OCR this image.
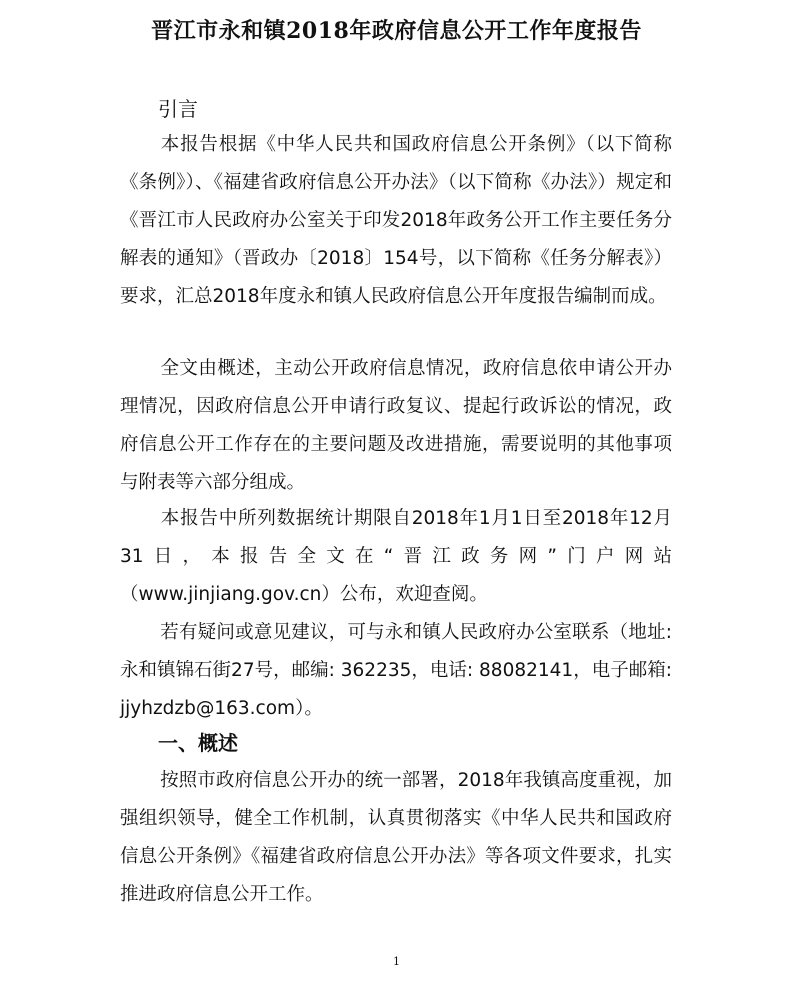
晋江市永和镇2018年政府信息公开工作年度报告
引言
本报告根据《中华人民共和国政府信息公开条例》（以下简称《条例》）、《福建省政府信息公开办法》（以下简称《办法》）规定和《晋江市人民政府办公室关于印发2018年政务公开工作主要任务分解表的通知》（晋政办〔2018〕154号，以下简称《任务分解表》）要求，汇总2018年度永和镇人民政府信息公开年度报告编制而成。
全文由概述，主动公开政府信息情况，政府信息依申请公开办理情况，因政府信息公开申请行政复议、提起行政诉讼的情况，政府信息公开工作存在的主要问题及改进措施，需要说明的其他事项与附表等六部分组成。
本报告中所列数据统计期限自2018年1月1日至2018年12月31日，本报告全文在“晋江政务网”门户网站（www.jinjiang.gov.cn）公布，欢迎查阅。
若有疑问或意见建议，可与永和镇人民政府办公室联系（地址: 永和镇锦石街27号，邮编: 362235，电话: 88082141，电子邮箱: jjyhzdzb@163.com）。
一、概述
按照市政府信息公开办的统一部署，2018年我镇高度重视，加强组织领导，健全工作机制，认真贯彻落实《中华人民共和国政府信息公开条例》《福建省政府信息公开办法》等各项文件要求，扎实推进政府信息公开工作。
1
